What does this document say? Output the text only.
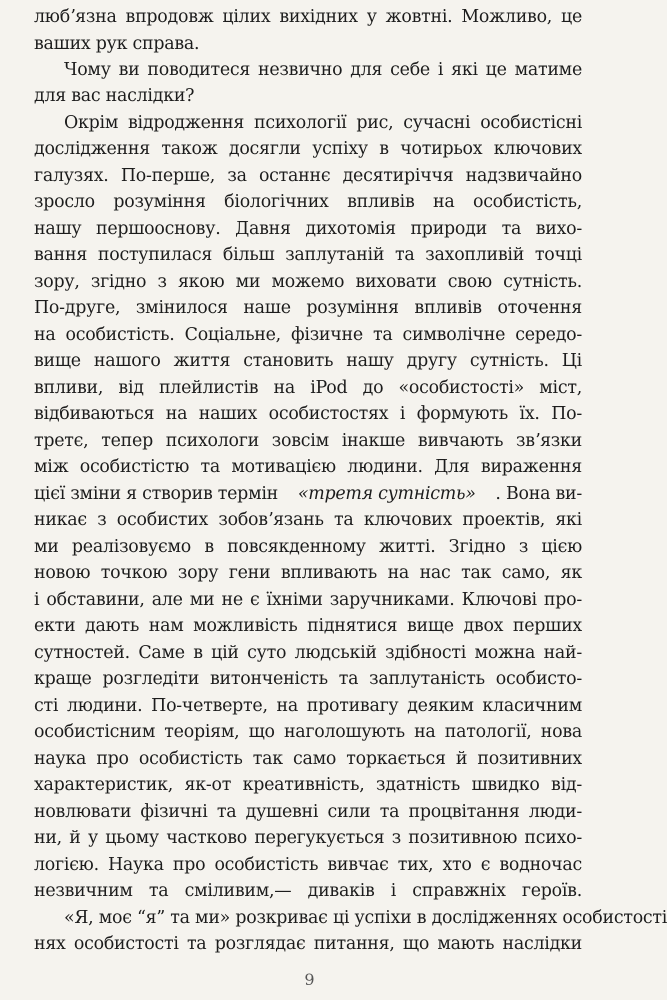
любʼязна впродовж цілих вихідних у жовтні. Можливо, це
ваших рук справа.
Чому ви поводитеся незвично для себе і які це матиме
для вас наслідки?
Окрім відродження психології рис, сучасні особистісні
дослідження також досягли успіху в чотирьох ключових
галузях. По-перше, за останнє десятиріччя надзвичайно
зросло розуміння біологічних впливів на особистість,
нашу першооснову. Давня дихотомія природи та вихо-
вання поступилася більш заплутаній та захопливій точці
зору, згідно з якою ми можемо виховати свою сутність.
По-друге, змінилося наше розуміння впливів оточення
на особистість. Соціальне, фізичне та символічне середо-
вище нашого життя становить нашу другу сутність. Ці
впливи, від плейлистів на iPod до «особистості» міст,
відбиваються на наших особистостях і формують їх. По-
третє, тепер психологи зовсім інакше вивчають звʼязки
між особистістю та мотивацією людини. Для вираження
цієї зміни я створив термін «третя сутність» . Вона ви-
никає з особистих зобовʼязань та ключових проектів, які
ми реалізовуємо в повсякденному житті. Згідно з цією
новою точкою зору гени впливають на нас так само, як
і обставини, але ми не є їхніми заручниками. Ключові про-
екти дають нам можливість піднятися вище двох перших
сутностей. Саме в цій суто людській здібності можна най-
краще розгледіти витонченість та заплутаність особисто-
сті людини. По-четверте, на противагу деяким класичним
особистісним теоріям, що наголошують на патології, нова
наука про особистість так само торкається й позитивних
характеристик, як-от креативність, здатність швидко від-
новлювати фізичні та душевні сили та процвітання люди-
ни, й у цьому частково перегукується з позитивною психо-
логією. Наука про особистість вивчає тих, хто є водночас
незвичним та сміливим,— диваків і справжніх героїв.
«Я, моє “я” та ми» розкриває ці успіхи в дослідженнях особистості
нях особистості та розглядає питання, що мають наслідки
9
